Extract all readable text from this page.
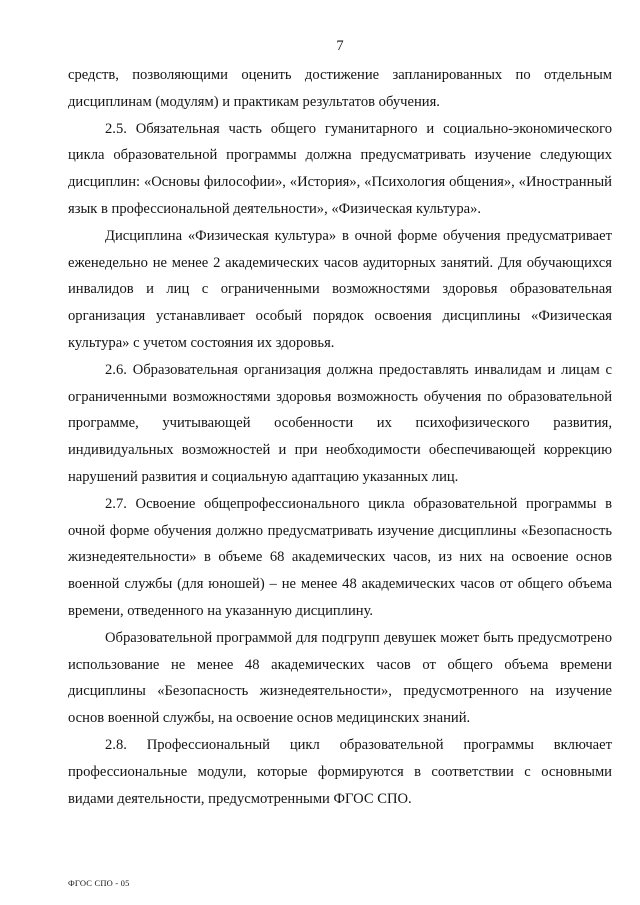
7

средств, позволяющими оценить достижение запланированных по отдельным дисциплинам (модулям) и практикам результатов обучения.

2.5. Обязательная часть общего гуманитарного и социально-экономического цикла образовательной программы должна предусматривать изучение следующих дисциплин: «Основы философии», «История», «Психология общения», «Иностранный язык в профессиональной деятельности», «Физическая культура».

Дисциплина «Физическая культура» в очной форме обучения предусматривает еженедельно не менее 2 академических часов аудиторных занятий. Для обучающихся инвалидов и лиц с ограниченными возможностями здоровья образовательная организация устанавливает особый порядок освоения дисциплины «Физическая культура» с учетом состояния их здоровья.

2.6. Образовательная организация должна предоставлять инвалидам и лицам с ограниченными возможностями здоровья возможность обучения по образовательной программе, учитывающей особенности их психофизического развития, индивидуальных возможностей и при необходимости обеспечивающей коррекцию нарушений развития и социальную адаптацию указанных лиц.

2.7. Освоение общепрофессионального цикла образовательной программы в очной форме обучения должно предусматривать изучение дисциплины «Безопасность жизнедеятельности» в объеме 68 академических часов, из них на освоение основ военной службы (для юношей) – не менее 48 академических часов от общего объема времени, отведенного на указанную дисциплину.

Образовательной программой для подгрупп девушек может быть предусмотрено использование не менее 48 академических часов от общего объема времени дисциплины «Безопасность жизнедеятельности», предусмотренного на изучение основ военной службы, на освоение основ медицинских знаний.

2.8. Профессиональный цикл образовательной программы включает профессиональные модули, которые формируются в соответствии с основными видами деятельности, предусмотренными ФГОС СПО.

ФГОС СПО - 05
